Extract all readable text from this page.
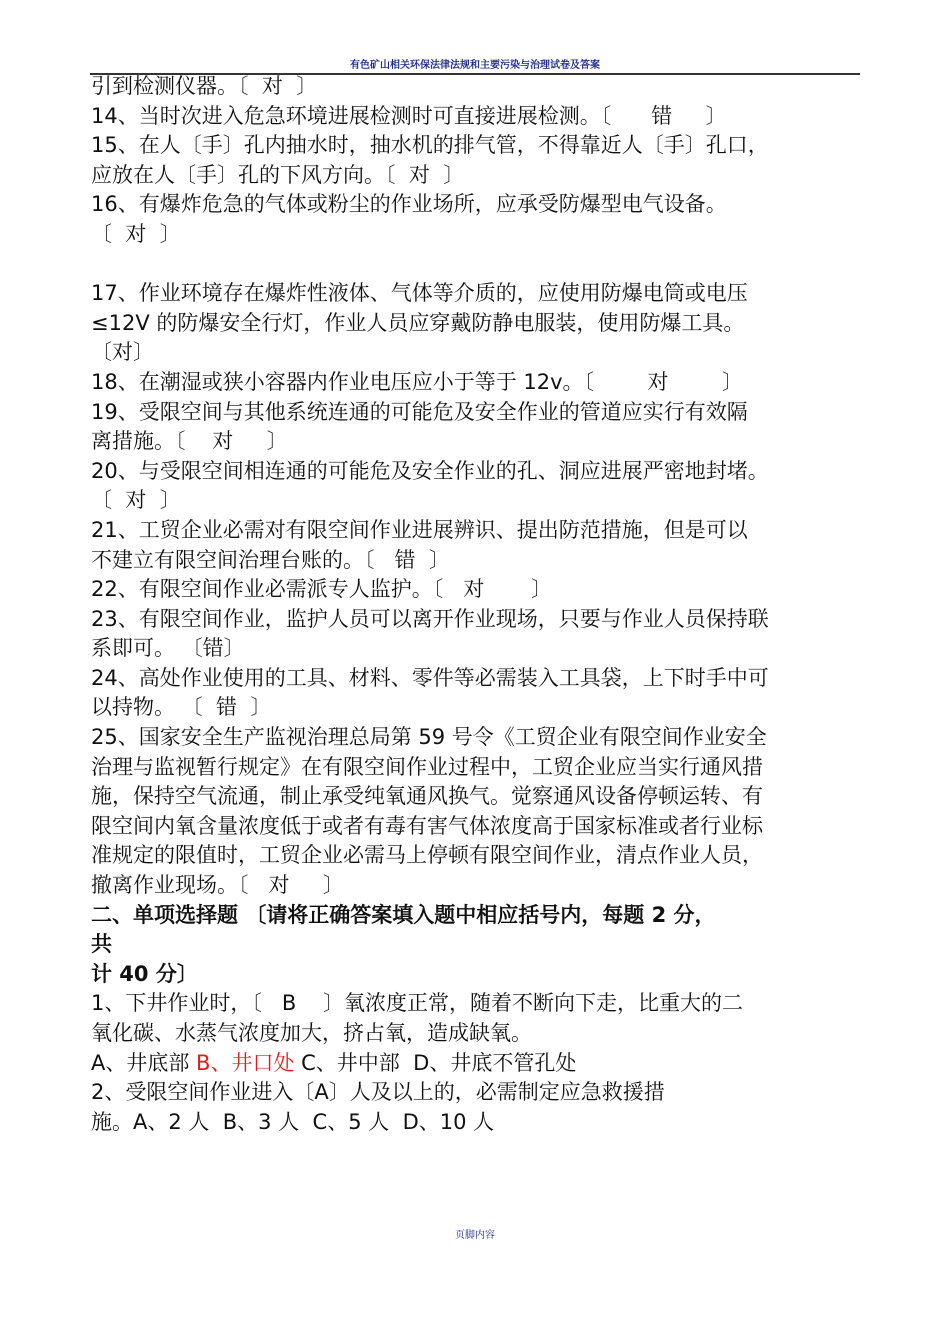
有色矿山相关环保法律法规和主要污染与治理试卷及答案
引到检测仪器。〔  对  〕
14、当时次进入危急环境进展检测时可直接进展检测。〔      错     〕
15、在人〔手〕孔内抽水时，抽水机的排气管，不得靠近人〔手〕孔口，
应放在人〔手〕孔的下风方向。〔  对  〕
16、有爆炸危急的气体或粉尘的作业场所，应承受防爆型电气设备。
〔  对  〕
17、作业环境存在爆炸性液体、气体等介质的，应使用防爆电筒或电压
≤12V 的防爆安全行灯，作业人员应穿戴防静电服装，使用防爆工具。
〔对〕
18、在潮湿或狭小容器内作业电压应小于等于 12v。〔        对        〕
19、受限空间与其他系统连通的可能危及安全作业的管道应实行有效隔
离措施。〔    对     〕
20、与受限空间相连通的可能危及安全作业的孔、洞应进展严密地封堵。
〔  对  〕
21、工贸企业必需对有限空间作业进展辨识、提出防范措施，但是可以
不建立有限空间治理台账的。〔   错  〕
22、有限空间作业必需派专人监护。〔   对       〕
23、有限空间作业，监护人员可以离开作业现场，只要与作业人员保持联
系即可。 〔错〕
24、高处作业使用的工具、材料、零件等必需装入工具袋，上下时手中可
以持物。 〔  错  〕
25、国家安全生产监视治理总局第 59 号令《工贸企业有限空间作业安全
治理与监视暂行规定》在有限空间作业过程中，工贸企业应当实行通风措
施，保持空气流通，制止承受纯氧通风换气。觉察通风设备停顿运转、有
限空间内氧含量浓度低于或者有毒有害气体浓度高于国家标准或者行业标
准规定的限值时，工贸企业必需马上停顿有限空间作业，清点作业人员，
撤离作业现场。〔   对     〕
二、单项选择题 〔请将正确答案填入题中相应括号内，每题 2 分，
共
计 40 分〕
1、下井作业时，〔   B    〕氧浓度正常，随着不断向下走，比重大的二
氧化碳、水蒸气浓度加大，挤占氧，造成缺氧。
A、井底部 B、井口处 C、井中部  D、井底不管孔处
2、受限空间作业进入〔A〕人及以上的，必需制定应急救援措
施。A、2 人  B、3 人  C、5 人  D、10 人
页脚内容
